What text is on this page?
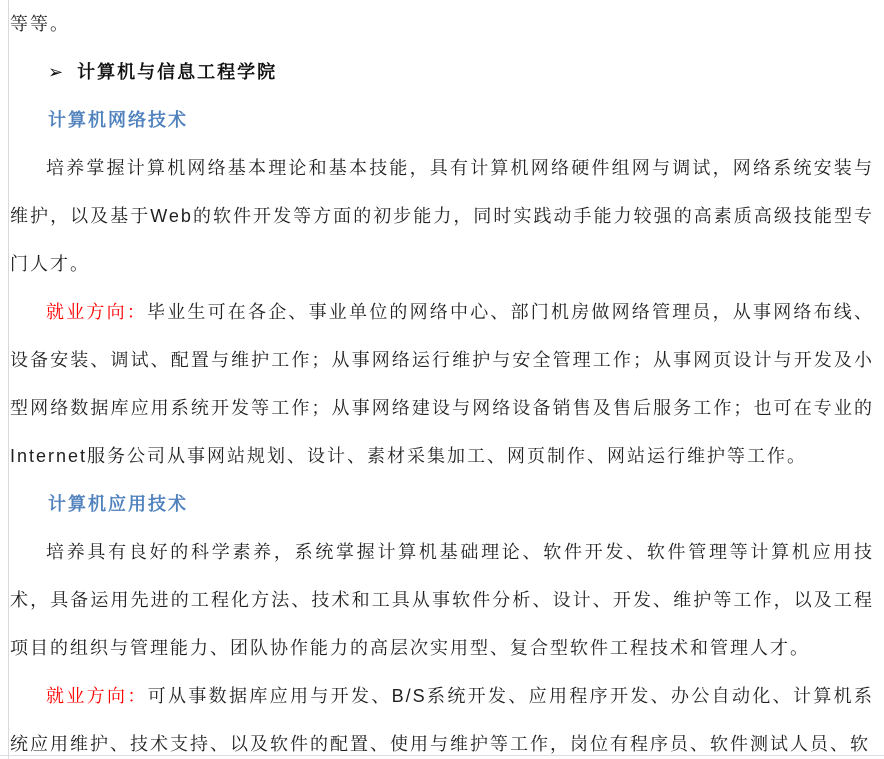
等等。

➢ 计算机与信息工程学院

计算机网络技术

培养掌握计算机网络基本理论和基本技能，具有计算机网络硬件组网与调试，网络系统安装与维护，以及基于Web的软件开发等方面的初步能力，同时实践动手能力较强的高素质高级技能型专门人才。

就业方向：毕业生可在各企、事业单位的网络中心、部门机房做网络管理员，从事网络布线、设备安装、调试、配置与维护工作；从事网络运行维护与安全管理工作；从事网页设计与开发及小型网络数据库应用系统开发等工作；从事网络建设与网络设备销售及售后服务工作；也可在专业的Internet服务公司从事网站规划、设计、素材采集加工、网页制作、网站运行维护等工作。

计算机应用技术

培养具有良好的科学素养，系统掌握计算机基础理论、软件开发、软件管理等计算机应用技术，具备运用先进的工程化方法、技术和工具从事软件分析、设计、开发、维护等工作，以及工程项目的组织与管理能力、团队协作能力的高层次实用型、复合型软件工程技术和管理人才。

就业方向：可从事数据库应用与开发、B/S系统开发、应用程序开发、办公自动化、计算机系统应用维护、技术支持、以及软件的配置、使用与维护等工作，岗位有程序员、软件测试人员、软
